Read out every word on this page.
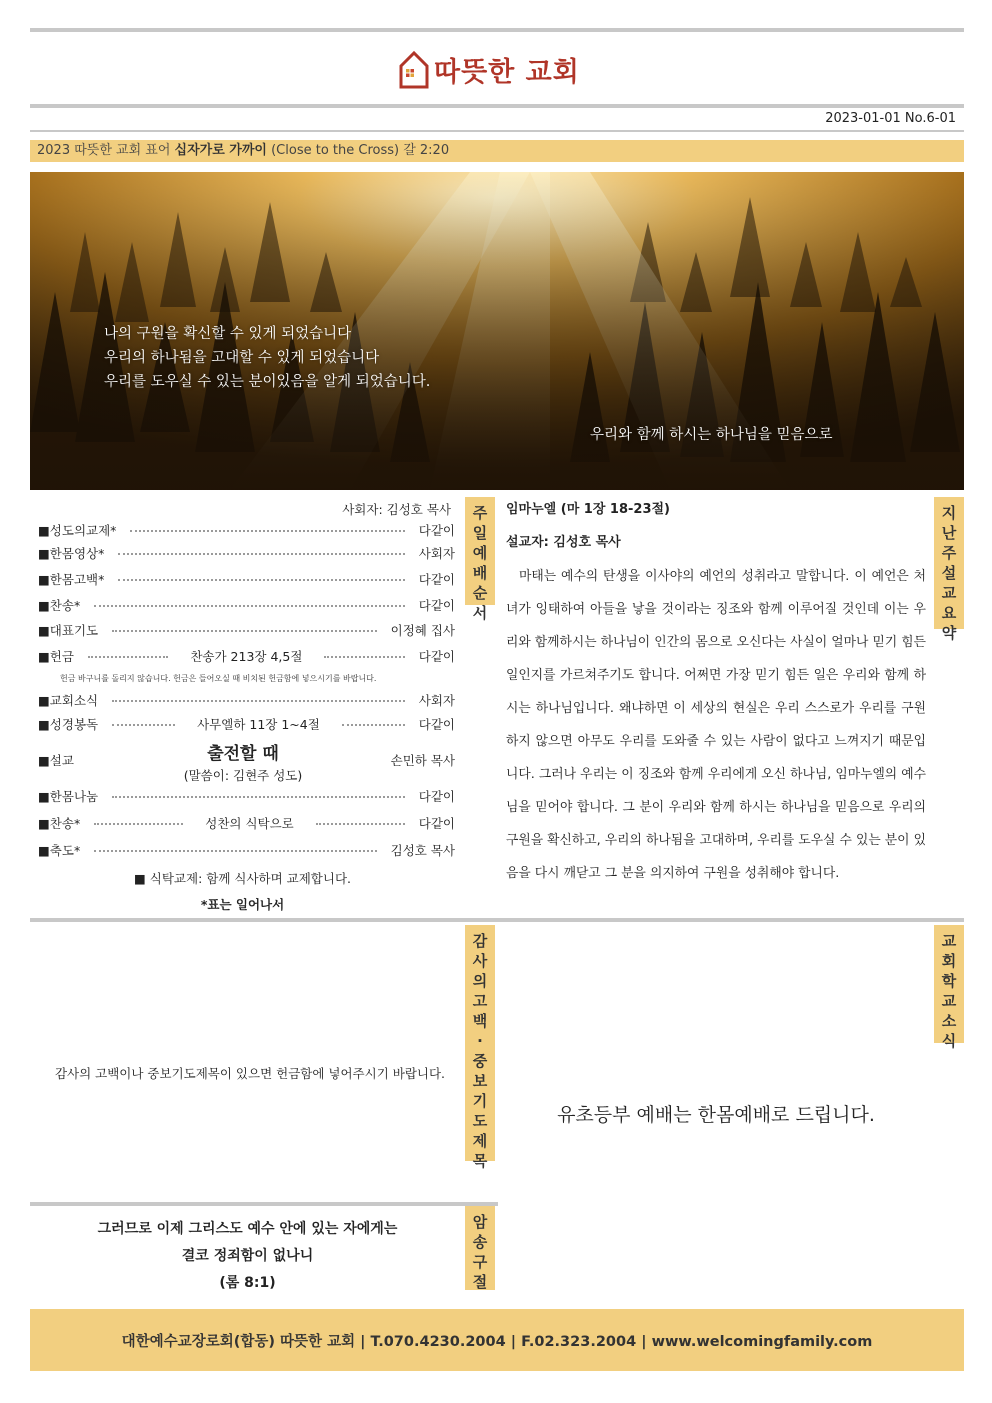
따뜻한 교회
2023-01-01 No.6-01
2023 따뜻한 교회 표어 십자가로 가까이 (Close to the Cross) 갈 2:20
나의 구원을 확신할 수 있게 되었습니다
우리의 하나됨을 고대할 수 있게 되었습니다
우리를 도우실 수 있는 분이있음을 알게 되었습니다.
우리와 함께 하시는 하나님을 믿음으로
주
일
예
배
순
서
지
난
주
설
교
요
약
감
사
의
고
백
·
중
보
기
도
제
목
교
회
학
교
소
식
암
송
구
절
사회자: 김성호 목사
■성도의교제*	다같이
■한몸영상*	사회자
■한몸고백*	다같이
■찬송*	다같이
■대표기도	이정혜 집사
■헌금	찬송가 213장 4,5절	다같이
헌금 바구니를 돌리지 않습니다. 헌금은 들어오실 때 비치된 헌금함에 넣으시기를 바랍니다.
■교회소식	사회자
■성경봉독	사무엘하 11장 1~4절	다같이
■설교	손민하 목사
출전할 때
(말씀이: 김현주 성도)
■한몸나눔	다같이
■찬송*	성찬의 식탁으로	다같이
■축도*	김성호 목사
■ 식탁교제: 함께 식사하며 교제합니다.
*표는 일어나서
임마누엘 (마 1장 18-23절)
설교자: 김성호 목사
마태는 예수의 탄생을 이사야의 예언의 성취라고 말합니다. 이 예언은 처녀가 잉태하여 아들을 낳을 것이라는 징조와 함께 이루어질 것인데 이는 우리와 함께하시는 하나님이 인간의 몸으로 오신다는 사실이 얼마나 믿기 힘든 일인지를 가르쳐주기도 합니다. 어쩌면 가장 믿기 힘든 일은 우리와 함께 하시는 하나님입니다. 왜냐하면 이 세상의 현실은 우리 스스로가 우리를 구원하지 않으면 아무도 우리를 도와줄 수 있는 사람이 없다고 느껴지기 때문입니다. 그러나 우리는 이 징조와 함께 우리에게 오신 하나님, 임마누엘의 예수님을 믿어야 합니다. 그 분이 우리와 함께 하시는 하나님을 믿음으로 우리의 구원을 확신하고, 우리의 하나됨을 고대하며, 우리를 도우실 수 있는 분이 있음을 다시 깨닫고 그 분을 의지하여 구원을 성취해야 합니다.
감사의 고백이나 중보기도제목이 있으면 헌금함에 넣어주시기 바랍니다.
유초등부 예배는 한몸예배로 드립니다.
그러므로 이제 그리스도 예수 안에 있는 자에게는
결코 정죄함이 없나니
(롬 8:1)
대한예수교장로회(합동) 따뜻한 교회 | T.070.4230.2004 | F.02.323.2004 | www.welcomingfamily.com
